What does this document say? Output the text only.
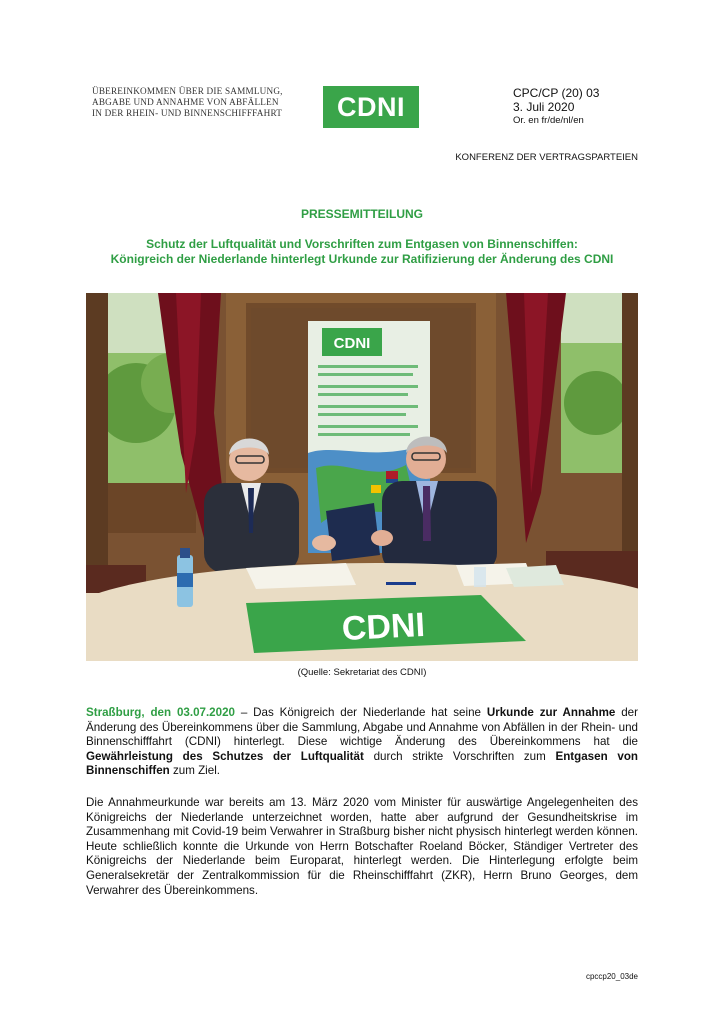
ÜBEREINKOMMEN ÜBER DIE SAMMLUNG,
ABGABE UND ANNAHME VON ABFÄLLEN
IN DER RHEIN- UND BINNENSCHIFFFAHRT CDNI	CPC/CP (20) 03
3. Juli 2020
Or. en fr/de/nl/en
KONFERENZ DER VERTRAGSPARTEIEN
PRESSEMITTEILUNG
Schutz der Luftqualität und Vorschriften zum Entgasen von Binnenschiffen:
Königreich der Niederlande hinterlegt Urkunde zur Ratifizierung der Änderung des CDNI
CDNI
CDNI
(Quelle: Sekretariat des CDNI)
Straßburg, den 03.07.2020 – Das Königreich der Niederlande hat seine Urkunde zur Annahme der Änderung des Übereinkommens über die Sammlung, Abgabe und Annahme von Abfällen in der Rhein- und Binnenschifffahrt (CDNI) hinterlegt. Diese wichtige Änderung des Übereinkommens hat die Gewährleistung des Schutzes der Luftqualität durch strikte Vorschriften zum Entgasen von Binnenschiffen zum Ziel.
Die Annahmeurkunde war bereits am 13. März 2020 vom Minister für auswärtige Angelegenheiten des Königreichs der Niederlande unterzeichnet worden, hatte aber aufgrund der Gesundheitskrise im Zusammenhang mit Covid-19 beim Verwahrer in Straßburg bisher nicht physisch hinterlegt werden können. Heute schließlich konnte die Urkunde von Herrn Botschafter Roeland Böcker, Ständiger Vertreter des Königreichs der Niederlande beim Europarat, hinterlegt werden. Die Hinterlegung erfolgte beim Generalsekretär der Zentralkommission für die Rheinschifffahrt (ZKR), Herrn Bruno Georges, dem Verwahrer des Übereinkommens.
cpccp20_03de
